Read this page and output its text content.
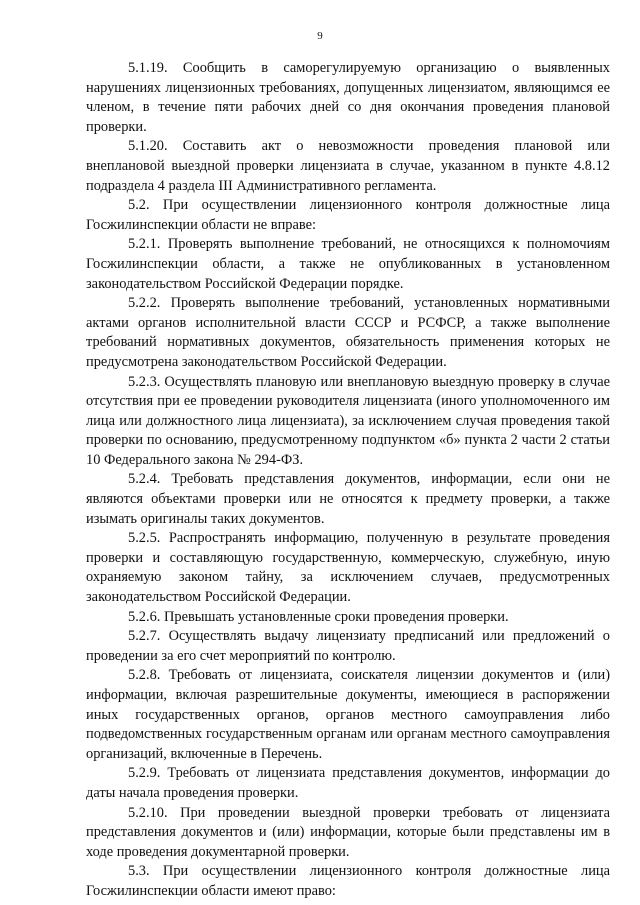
9

5.1.19. Сообщить в саморегулируемую организацию о выявленных нарушениях лицензионных требованиях, допущенных лицензиатом, являющимся ее членом, в течение пяти рабочих дней со дня окончания проведения плановой проверки.

5.1.20. Составить акт о невозможности проведения плановой или внеплановой выездной проверки лицензиата в случае, указанном в пункте 4.8.12 подраздела 4 раздела III Административного регламента.

5.2. При осуществлении лицензионного контроля должностные лица Госжилинспекции области не вправе:

5.2.1. Проверять выполнение требований, не относящихся к полномочиям Госжилинспекции области, а также не опубликованных в установленном законодательством Российской Федерации порядке.

5.2.2. Проверять выполнение требований, установленных нормативными актами органов исполнительной власти СССР и РСФСР, а также выполнение требований нормативных документов, обязательность применения которых не предусмотрена законодательством Российской Федерации.

5.2.3. Осуществлять плановую или внеплановую выездную проверку в случае отсутствия при ее проведении руководителя лицензиата (иного уполномоченного им лица или должностного лица лицензиата), за исключением случая проведения такой проверки по основанию, предусмотренному подпунктом «б» пункта 2 части 2 статьи 10 Федерального закона № 294-ФЗ.

5.2.4. Требовать представления документов, информации, если они не являются объектами проверки или не относятся к предмету проверки, а также изымать оригиналы таких документов.

5.2.5. Распространять информацию, полученную в результате проведения проверки и составляющую государственную, коммерческую, служебную, иную охраняемую законом тайну, за исключением случаев, предусмотренных законодательством Российской Федерации.

5.2.6. Превышать установленные сроки проведения проверки.

5.2.7. Осуществлять выдачу лицензиату предписаний или предложений о проведении за его счет мероприятий по контролю.

5.2.8. Требовать от лицензиата, соискателя лицензии документов и (или) информации, включая разрешительные документы, имеющиеся в распоряжении иных государственных органов, органов местного самоуправления либо подведомственных государственным органам или органам местного самоуправления организаций, включенные в Перечень.

5.2.9. Требовать от лицензиата представления документов, информации до даты начала проведения проверки.

5.2.10. При проведении выездной проверки требовать от лицензиата представления документов и (или) информации, которые были представлены им в ходе проведения документарной проверки.

5.3. При осуществлении лицензионного контроля должностные лица Госжилинспекции области имеют право:
